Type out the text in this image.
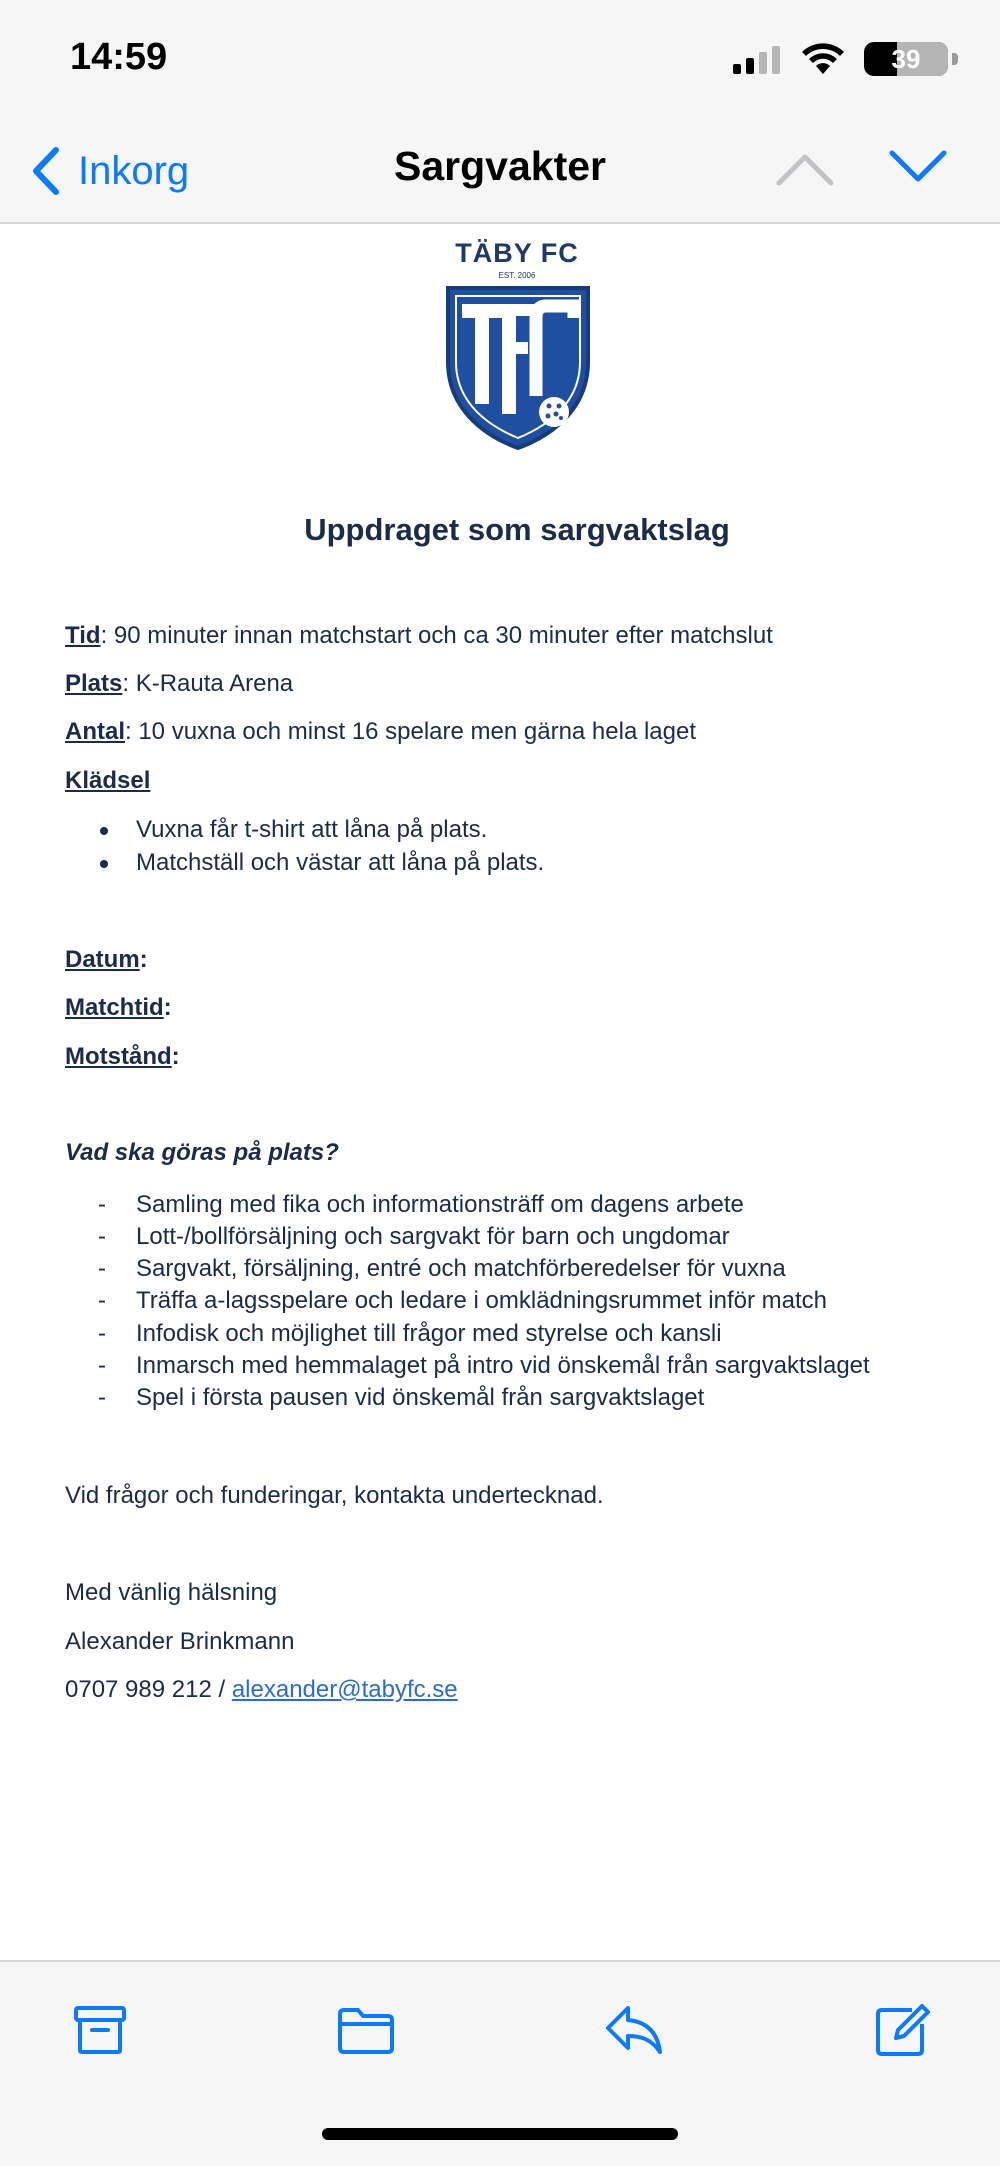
14:59	39
Inkorg	Sargvakter
TÄBY FC
EST. 2006
Uppdraget som sargvaktslag
Tid: 90 minuter innan matchstart och ca 30 minuter efter matchslut
Plats: K-Rauta Arena
Antal: 10 vuxna och minst 16 spelare men gärna hela laget
Klädsel
Vuxna får t-shirt att låna på plats.
Matchställ och västar att låna på plats.
Datum:
Matchtid:
Motstånd:
Vad ska göras på plats?
- Samling med fika och informationsträff om dagens arbete
- Lott-/bollförsäljning och sargvakt för barn och ungdomar
- Sargvakt, försäljning, entré och matchförberedelser för vuxna
- Träffa a-lagsspelare och ledare i omklädningsrummet inför match
- Infodisk och möjlighet till frågor med styrelse och kansli
- Inmarsch med hemmalaget på intro vid önskemål från sargvaktslaget
- Spel i första pausen vid önskemål från sargvaktslaget
Vid frågor och funderingar, kontakta undertecknad.
Med vänlig hälsning
Alexander Brinkmann
0707 989 212 / alexander@tabyfc.se
